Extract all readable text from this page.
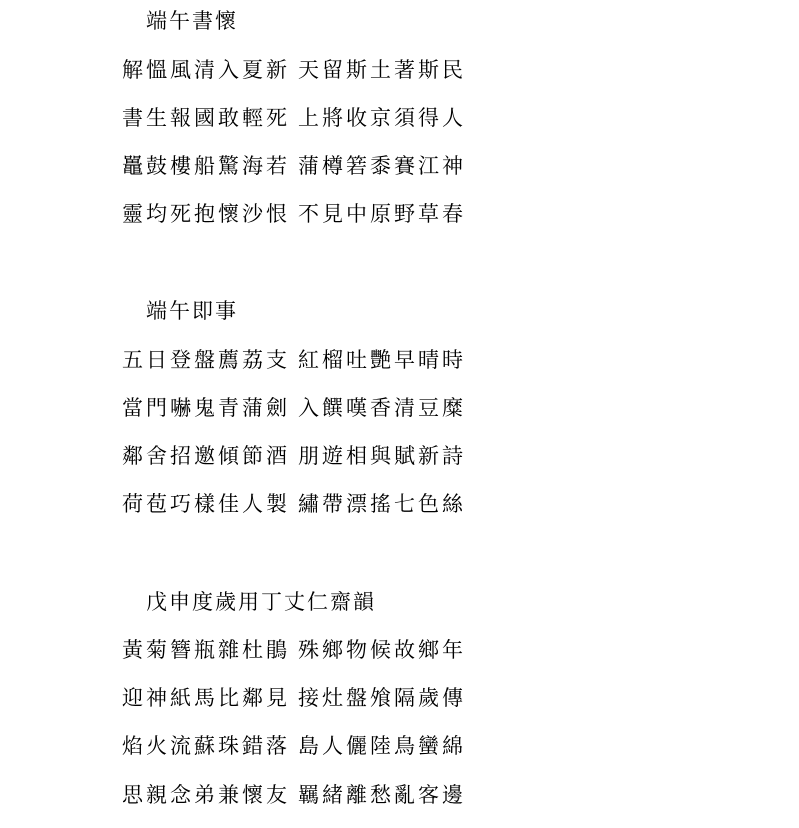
端午書懷
解慍風清入夏新 天留斯土著斯民
書生報國敢輕死 上將收京須得人
鼉鼓樓船驚海若 蒲樽箬黍賽江神
靈均死抱懷沙恨 不見中原野草春
端午即事
五日登盤薦荔支 紅榴吐艷早晴時
當門嚇鬼青蒲劍 入饌嘆香清豆糜
鄰舍招邀傾節酒 朋遊相與賦新詩
荷苞巧樣佳人製 繡帶漂搖七色絲
戊申度歲用丁丈仁齋韻
黃菊簪瓶雜杜鵑 殊鄉物候故鄉年
迎神紙馬比鄰見 接灶盤飧隔歲傳
焰火流蘇珠錯落 島人儷陸鳥蠻綿
思親念弟兼懷友 羈緒離愁亂客邊
